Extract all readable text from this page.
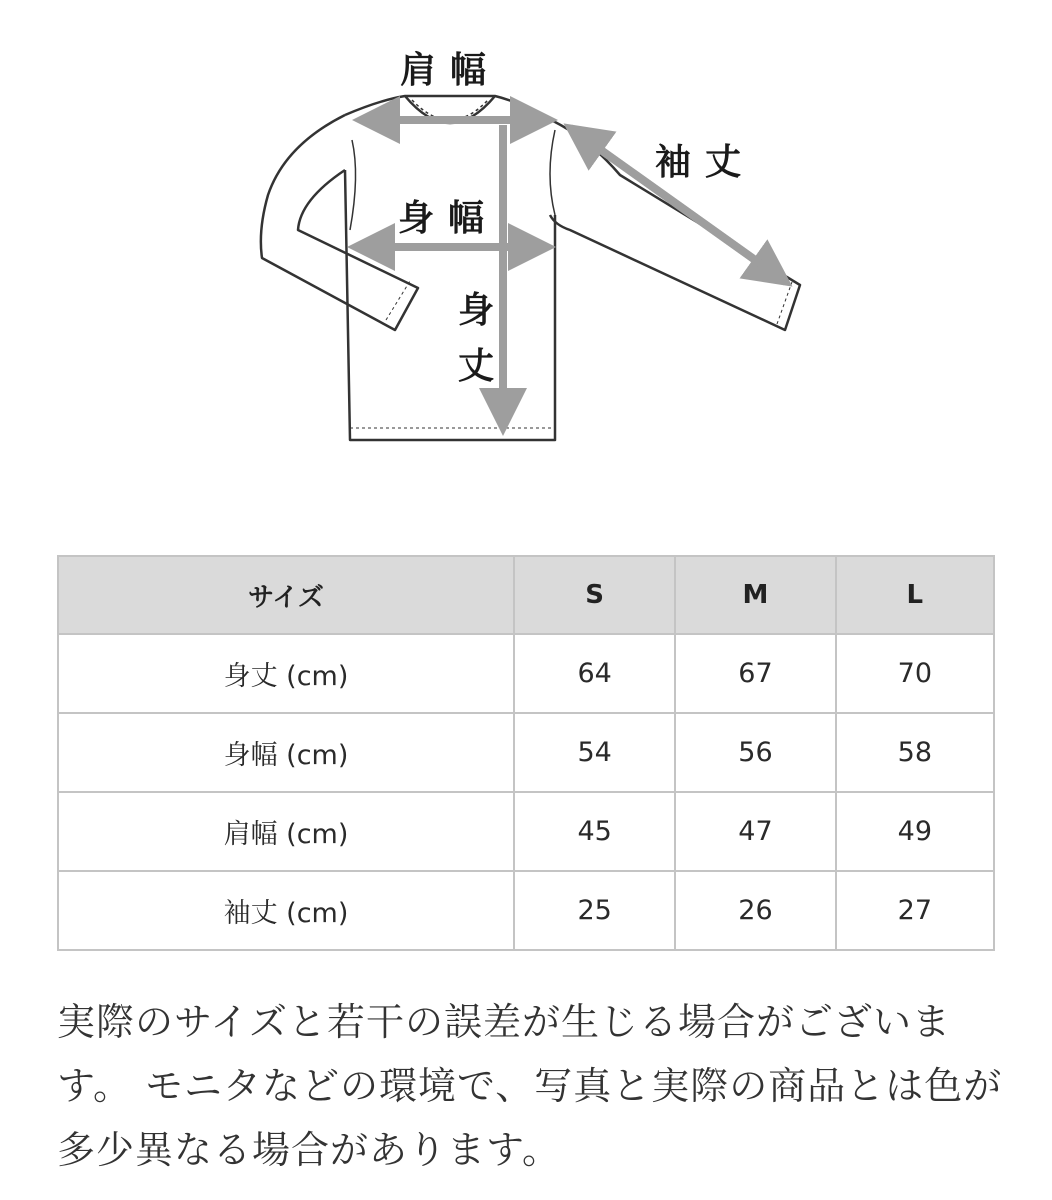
肩幅
袖丈
身幅
身
丈
サイズ	S	M	L
身丈 (cm)	64	67	70
身幅 (cm)	54	56	58
肩幅 (cm)	45	47	49
袖丈 (cm)	25	26	27

実際のサイズと若干の誤差が生じる場合がございます。 モニタなどの環境で、写真と実際の商品とは色が多少異なる場合があります。
